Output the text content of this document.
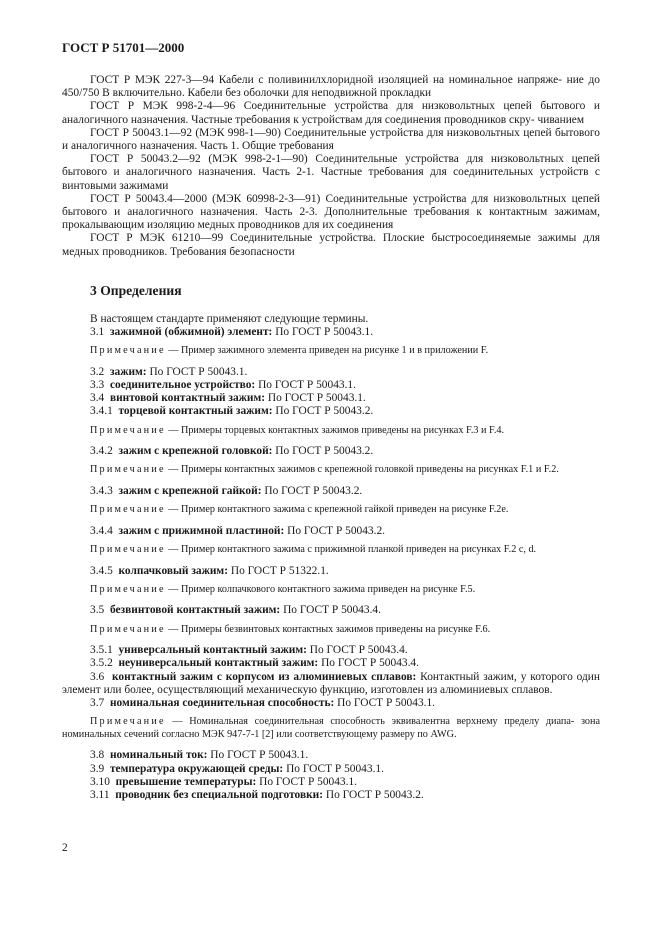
ГОСТ Р 51701—2000

ГОСТ Р МЭК 227-3—94 Кабели с поливинилхлоридной изоляцией на номинальное напряже- ние до 450/750 В включительно. Кабели без оболочки для неподвижной прокладки

ГОСТ Р МЭК 998-2-4—96 Соединительные устройства для низковольтных цепей бытового и аналогичного назначения. Частные требования к устройствам для соединения проводников скру- чиванием

ГОСТ Р 50043.1—92 (МЭК 998-1—90) Соединительные устройства для низковольтных цепей бытового и аналогичного назначения. Часть 1. Общие требования

ГОСТ Р 50043.2—92 (МЭК 998-2-1—90) Соединительные устройства для низковольтных цепей бытового и аналогичного назначения. Часть 2-1. Частные требования для соединительных устройств с винтовыми зажимами

ГОСТ Р 50043.4—2000 (МЭК 60998-2-3—91) Соединительные устройства для низковольтных цепей бытового и аналогичного назначения. Часть 2-3. Дополнительные требования к контактным зажимам, прокалывающим изоляцию медных проводников для их соединения

ГОСТ Р МЭК 61210—99 Соединительные устройства. Плоские быстросоединяемые зажимы для медных проводников. Требования безопасности

3 Определения

В настоящем стандарте применяют следующие термины.

3.1 зажимной (обжимной) элемент: По ГОСТ Р 50043.1.

Примечание — Пример зажимного элемента приведен на рисунке 1 и в приложении F.

3.2 зажим: По ГОСТ Р 50043.1.

3.3 соединительное устройство: По ГОСТ Р 50043.1.

3.4 винтовой контактный зажим: По ГОСТ Р 50043.1.

3.4.1 торцевой контактный зажим: По ГОСТ Р 50043.2.

Примечание — Примеры торцевых контактных зажимов приведены на рисунках F.3 и F.4.

3.4.2 зажим с крепежной головкой: По ГОСТ Р 50043.2.

Примечание — Примеры контактных зажимов с крепежной головкой приведены на рисунках F.1 и F.2.

3.4.3 зажим с крепежной гайкой: По ГОСТ Р 50043.2.

Примечание — Пример контактного зажима с крепежной гайкой приведен на рисунке F.2е.

3.4.4 зажим с прижимной пластиной: По ГОСТ Р 50043.2.

Примечание — Пример контактного зажима с прижимной планкой приведен на рисунках F.2 с, d.

3.4.5 колпачковый зажим: По ГОСТ Р 51322.1.

Примечание — Пример колпачкового контактного зажима приведен на рисунке F.5.

3.5 безвинтовой контактный зажим: По ГОСТ Р 50043.4.

Примечание — Примеры безвинтовых контактных зажимов приведены на рисунке F.6.

3.5.1 универсальный контактный зажим: По ГОСТ Р 50043.4.

3.5.2 неуниверсальный контактный зажим: По ГОСТ Р 50043.4.

3.6 контактный зажим с корпусом из алюминиевых сплавов: Контактный зажим, у которого один элемент или более, осуществляющий механическую функцию, изготовлен из алюминиевых сплавов.

3.7 номинальная соединительная способность: По ГОСТ Р 50043.1.

Примечание — Номинальная соединительная способность эквивалентна верхнему пределу диапа- зона номинальных сечений согласно МЭК 947-7-1 [2] или соответствующему размеру по AWG.

3.8 номинальный ток: По ГОСТ Р 50043.1.

3.9 температура окружающей среды: По ГОСТ Р 50043.1.

3.10 превышение температуры: По ГОСТ Р 50043.1.

3.11 проводник без специальной подготовки: По ГОСТ Р 50043.2.

2
